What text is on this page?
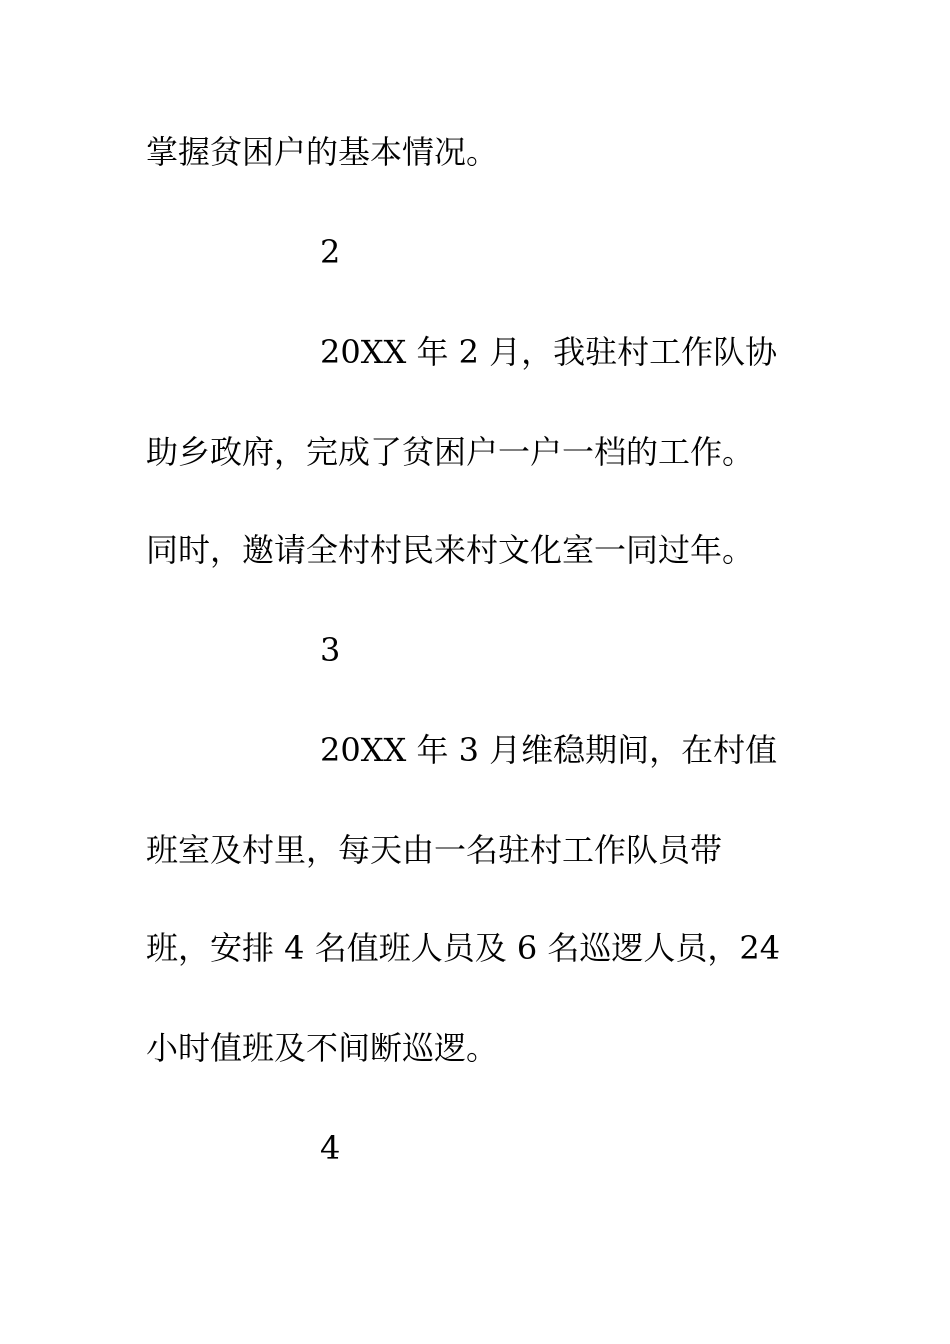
掌握贫困户的基本情况。
2
20XX 年 2 月，我驻村工作队协
助乡政府，完成了贫困户一户一档的工作。
同时，邀请全村村民来村文化室一同过年。
3
20XX 年 3 月维稳期间，在村值
班室及村里，每天由一名驻村工作队员带
班，安排 4 名值班人员及 6 名巡逻人员，24
小时值班及不间断巡逻。
4
